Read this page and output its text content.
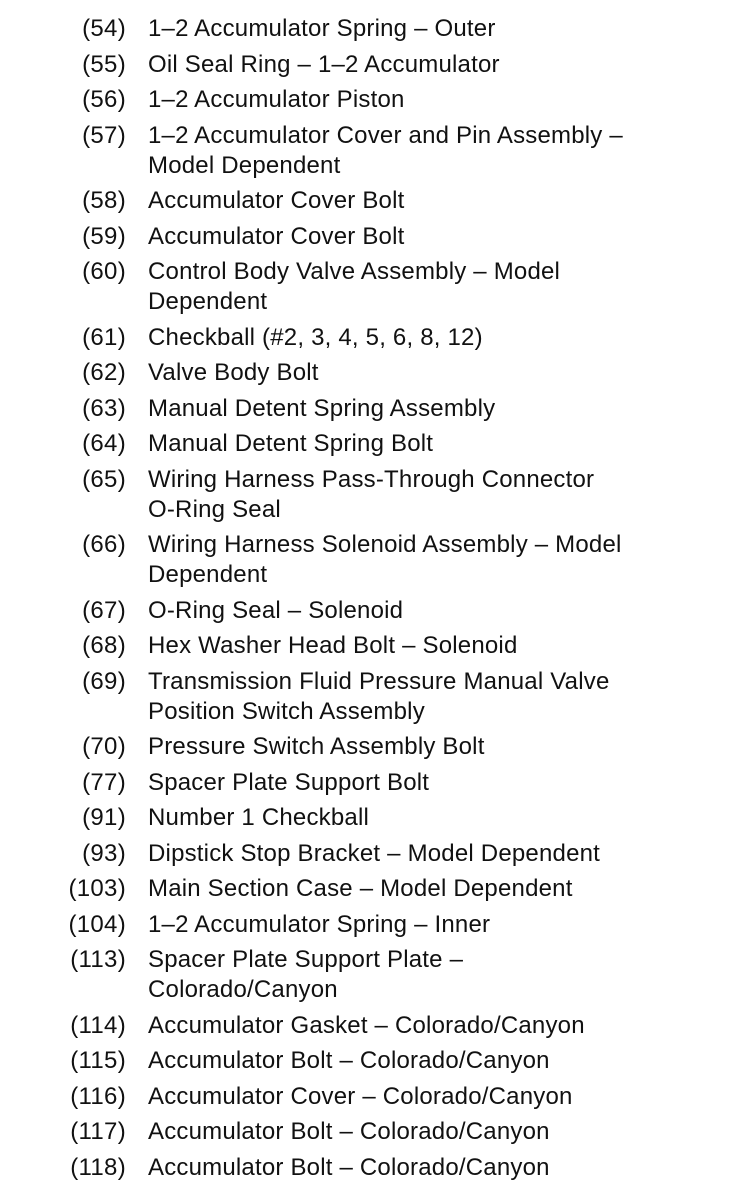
(54) 1–2 Accumulator Spring – Outer
(55) Oil Seal Ring – 1–2 Accumulator
(56) 1–2 Accumulator Piston
(57) 1–2 Accumulator Cover and Pin Assembly –
Model Dependent
(58) Accumulator Cover Bolt
(59) Accumulator Cover Bolt
(60) Control Body Valve Assembly – Model
Dependent
(61) Checkball (#2, 3, 4, 5, 6, 8, 12)
(62) Valve Body Bolt
(63) Manual Detent Spring Assembly
(64) Manual Detent Spring Bolt
(65) Wiring Harness Pass-Through Connector
O-Ring Seal
(66) Wiring Harness Solenoid Assembly – Model
Dependent
(67) O-Ring Seal – Solenoid
(68) Hex Washer Head Bolt – Solenoid
(69) Transmission Fluid Pressure Manual Valve
Position Switch Assembly
(70) Pressure Switch Assembly Bolt
(77) Spacer Plate Support Bolt
(91) Number 1 Checkball
(93) Dipstick Stop Bracket – Model Dependent
(103) Main Section Case – Model Dependent
(104) 1–2 Accumulator Spring – Inner
(113) Spacer Plate Support Plate –
Colorado/Canyon
(114) Accumulator Gasket – Colorado/Canyon
(115) Accumulator Bolt – Colorado/Canyon
(116) Accumulator Cover – Colorado/Canyon
(117) Accumulator Bolt – Colorado/Canyon
(118) Accumulator Bolt – Colorado/Canyon
